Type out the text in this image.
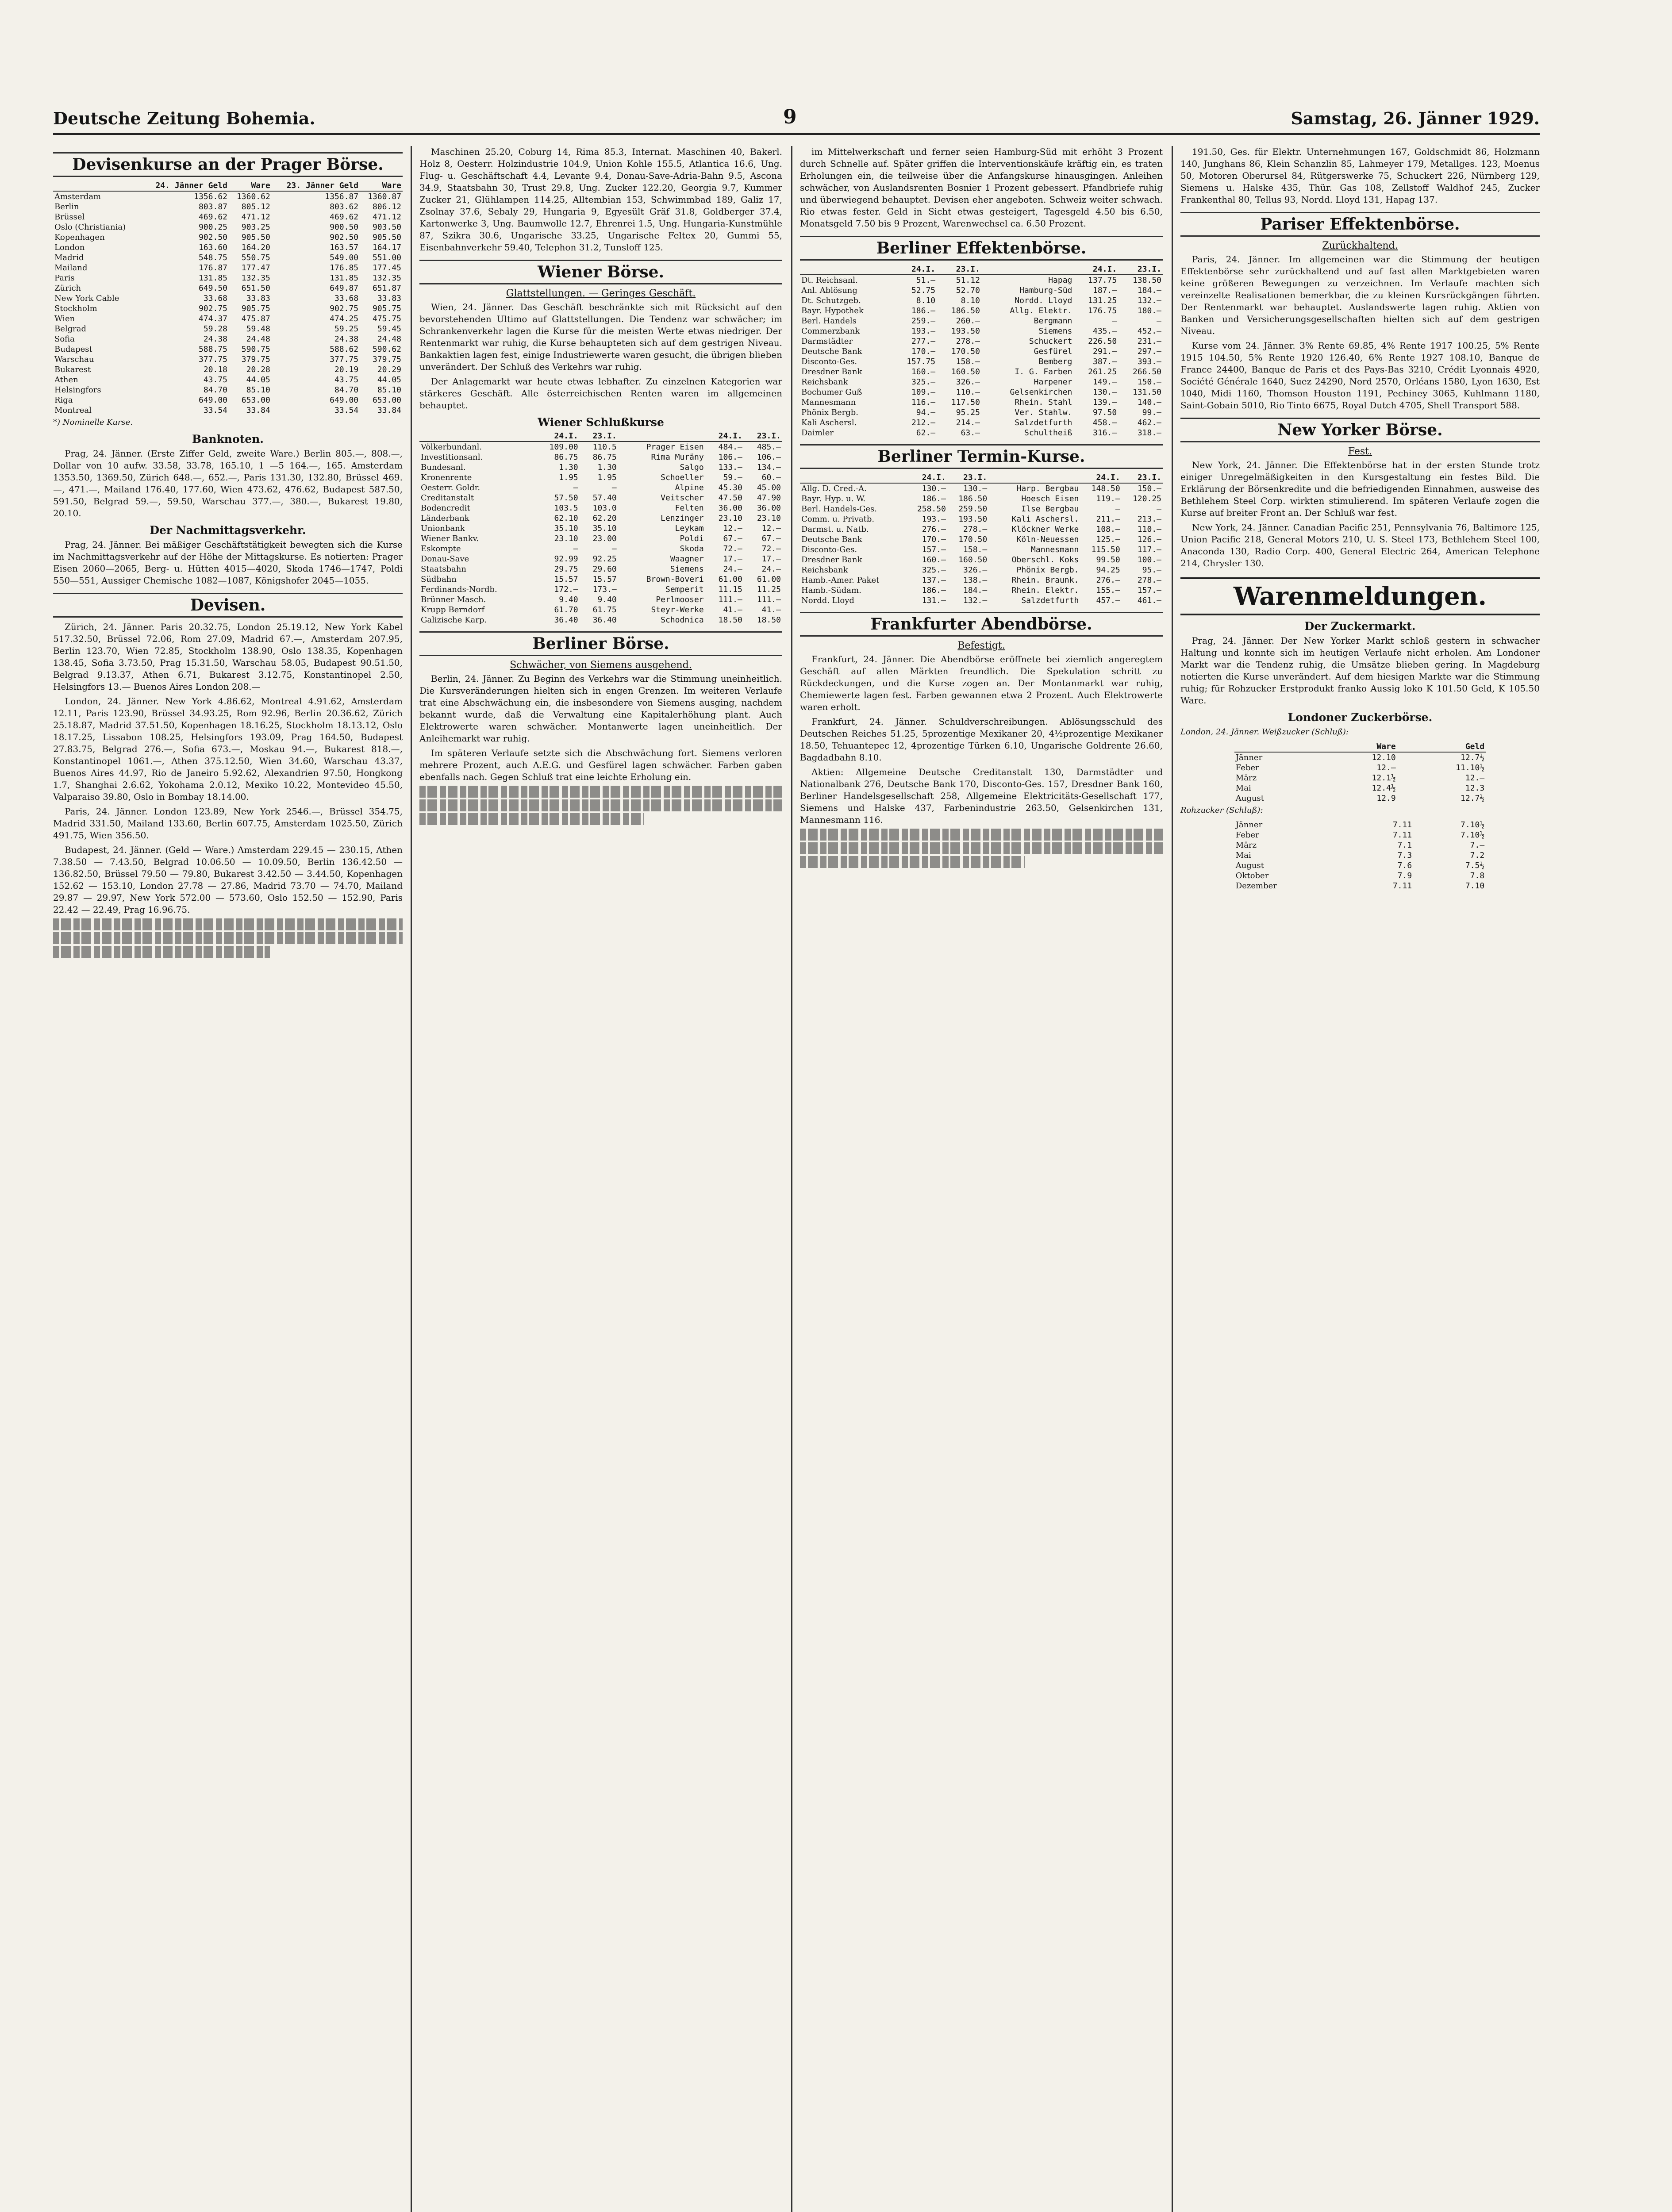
Deutsche Zeitung Bohemia.	9	Samstag, 26. Jänner 1929.
Devisenkurse an der Prager Börse.
	24. Jänner Geld	Ware	23. Jänner Geld	Ware
Amsterdam	1356.62	1360.62	1356.87	1360.87
Berlin	803.87	805.12	803.62	806.12
Brüssel	469.62	471.12	469.62	471.12
Oslo (Christiania)	900.25	903.25	900.50	903.50
Kopenhagen	902.50	905.50	902.50	905.50
London	163.60	164.20	163.57	164.17
Madrid	548.75	550.75	549.00	551.00
Mailand	176.87	177.47	176.85	177.45
Paris	131.85	132.35	131.85	132.35
Zürich	649.50	651.50	649.87	651.87
New York Cable	33.68	33.83	33.68	33.83
Stockholm	902.75	905.75	902.75	905.75
Wien	474.37	475.87	474.25	475.75
Belgrad	59.28	59.48	59.25	59.45
Sofia	24.38	24.48	24.38	24.48
Budapest	588.75	590.75	588.62	590.62
Warschau	377.75	379.75	377.75	379.75
Bukarest	20.18	20.28	20.19	20.29
Athen	43.75	44.05	43.75	44.05
Helsingfors	84.70	85.10	84.70	85.10
Riga	649.00	653.00	649.00	653.00
Montreal	33.54	33.84	33.54	33.84
*) Nominelle Kurse.
Banknoten.

Prag, 24. Jänner. (Erste Ziffer Geld, zweite Ware.) Berlin 805.—, 808.—, Dollar von 10 aufw. 33.58, 33.78, 165.10, 1 —5 164.—, 165. Amsterdam 1353.50, 1369.50, Zürich 648.—, 652.—, Paris 131.30, 132.80, Brüssel 469.—, 471.—, Mailand 176.40, 177.60, Wien 473.62, 476.62, Budapest 587.50, 591.50, Belgrad 59.—, 59.50, Warschau 377.—, 380.—, Bukarest 19.80, 20.10.

Der Nachmittagsverkehr.

Prag, 24. Jänner. Bei mäßiger Geschäftstätigkeit bewegten sich die Kurse im Nachmittagsverkehr auf der Höhe der Mittagskurse. Es notierten: Prager Eisen 2060—2065, Berg- u. Hütten 4015—4020, Skoda 1746—1747, Poldi 550—551, Aussiger Chemische 1082—1087, Königshofer 2045—1055.

Devisen.

Zürich, 24. Jänner. Paris 20.32.75, London 25.19.12, New York Kabel 517.32.50, Brüssel 72.06, Rom 27.09, Madrid 67.—, Amsterdam 207.95, Berlin 123.70, Wien 72.85, Stockholm 138.90, Oslo 138.35, Kopenhagen 138.45, Sofia 3.73.50, Prag 15.31.50, Warschau 58.05, Budapest 90.51.50, Belgrad 9.13.37, Athen 6.71, Bukarest 3.12.75, Konstantinopel 2.50, Helsingfors 13.— Buenos Aires London 208.—

London, 24. Jänner. New York 4.86.62, Montreal 4.91.62, Amsterdam 12.11, Paris 123.90, Brüssel 34.93.25, Rom 92.96, Berlin 20.36.62, Zürich 25.18.87, Madrid 37.51.50, Kopenhagen 18.16.25, Stockholm 18.13.12, Oslo 18.17.25, Lissabon 108.25, Helsingfors 193.09, Prag 164.50, Budapest 27.83.75, Belgrad 276.—, Sofia 673.—, Moskau 94.—, Bukarest 818.—, Konstantinopel 1061.—, Athen 375.12.50, Wien 34.60, Warschau 43.37, Buenos Aires 44.97, Rio de Janeiro 5.92.62, Alexandrien 97.50, Hongkong 1.7, Shanghai 2.6.62, Yokohama 2.0.12, Mexiko 10.22, Montevideo 45.50, Valparaiso 39.80, Oslo in Bombay 18.14.00.

Paris, 24. Jänner. London 123.89, New York 2546.—, Brüssel 354.75, Madrid 331.50, Mailand 133.60, Berlin 607.75, Amsterdam 1025.50, Zürich 491.75, Wien 356.50.

Budapest, 24. Jänner. (Geld — Ware.) Amsterdam 229.45 — 230.15, Athen 7.38.50 — 7.43.50, Belgrad 10.06.50 — 10.09.50, Berlin 136.42.50 — 136.82.50, Brüssel 79.50 — 79.80, Bukarest 3.42.50 — 3.44.50, Kopenhagen 152.62 — 153.10, London 27.78 — 27.86, Madrid 73.70 — 74.70, Mailand 29.87 — 29.97, New York 572.00 — 573.60, Oslo 152.50 — 152.90, Paris 22.42 — 22.49, Prag 16.96.75.

Maschinen 25.20, Coburg 14, Rima 85.3, Internat. Maschinen 40, Bakerl. Holz 8, Oesterr. Holzindustrie 104.9, Union Kohle 155.5, Atlantica 16.6, Ung. Flug- u. Geschäftschaft 4.4, Levante 9.4, Donau-Save-Adria-Bahn 9.5, Ascona 34.9, Staatsbahn 30, Trust 29.8, Ung. Zucker 122.20, Georgia 9.7, Kummer Zucker 21, Glühlampen 114.25, Alltembian 153, Schwimmbad 189, Galiz 17, Zsolnay 37.6, Sebaly 29, Hungaria 9, Egyesült Gräf 31.8, Goldberger 37.4, Kartonwerke 3, Ung. Baumwolle 12.7, Ehrenrei 1.5, Ung. Hungaria-Kunstmühle 87, Szikra 30.6, Ungarische 33.25, Ungarische Feltex 20, Gummi 55, Eisenbahnverkehr 59.40, Telephon 31.2, Tunsloff 125.

Wiener Börse.
Glattstellungen. — Geringes Geschäft.

Wien, 24. Jänner. Das Geschäft beschränkte sich mit Rücksicht auf den bevorstehenden Ultimo auf Glattstellungen. Die Tendenz war schwächer; im Schrankenverkehr lagen die Kurse für die meisten Werte etwas niedriger. Der Rentenmarkt war ruhig, die Kurse behaupteten sich auf dem gestrigen Niveau. Bankaktien lagen fest, einige Industriewerte waren gesucht, die übrigen blieben unverändert. Der Schluß des Verkehrs war ruhig.

Der Anlagemarkt war heute etwas lebhafter. Zu einzelnen Kategorien war stärkeres Geschäft. Alle österreichischen Renten waren im allgemeinen behauptet.

Wiener Schlußkurse
	24.I.	23.I.		24.I.	23.I.
Völkerbundanl.	109.00	110.5	Prager Eisen	484.—	485.—
Investitionsanl.	86.75	86.75	Rima Muräny	106.—	106.—
Bundesanl.	1.30	1.30	Salgo	133.—	134.—
Kronenrente	1.95	1.95	Schoeller	59.—	60.—
Oesterr. Goldr.	—	—	Alpine	45.30	45.00
Creditanstalt	57.50	57.40	Veitscher	47.50	47.90
Bodencredit	103.5	103.0	Felten	36.00	36.00
Länderbank	62.10	62.20	Lenzinger	23.10	23.10
Unionbank	35.10	35.10	Leykam	12.—	12.—
Wiener Bankv.	23.10	23.00	Poldi	67.—	67.—
Eskompte	—	—	Skoda	72.—	72.—
Donau-Save	92.99	92.25	Waagner	17.—	17.—
Staatsbahn	29.75	29.60	Siemens	24.—	24.—
Südbahn	15.57	15.57	Brown-Boveri	61.00	61.00
Ferdinands-Nordb.	172.—	173.—	Semperit	11.15	11.25
Brünner Masch.	9.40	9.40	Perlmooser	111.—	111.—
Krupp Berndorf	61.70	61.75	Steyr-Werke	41.—	41.—
Galizische Karp.	36.40	36.40	Schodnica	18.50	18.50
Berliner Börse.
Schwächer, von Siemens ausgehend.

Berlin, 24. Jänner. Zu Beginn des Verkehrs war die Stimmung uneinheitlich. Die Kursveränderungen hielten sich in engen Grenzen. Im weiteren Verlaufe trat eine Abschwächung ein, die insbesondere von Siemens ausging, nachdem bekannt wurde, daß die Verwaltung eine Kapitalerhöhung plant. Auch Elektrowerte waren schwächer. Montanwerte lagen uneinheitlich. Der Anleihemarkt war ruhig.

Im späteren Verlaufe setzte sich die Abschwächung fort. Siemens verloren mehrere Prozent, auch A.E.G. und Gesfürel lagen schwächer. Farben gaben ebenfalls nach. Gegen Schluß trat eine leichte Erholung ein.

im Mittelwerkschaft und ferner seien Hamburg-Süd mit erhöht 3 Prozent durch Schnelle auf. Später griffen die Interventionskäufe kräftig ein, es traten Erholungen ein, die teilweise über die Anfangskurse hinausgingen. Anleihen schwächer, von Auslandsrenten Bosnier 1 Prozent gebessert. Pfandbriefe ruhig und überwiegend behauptet. Devisen eher angeboten. Schweiz weiter schwach. Rio etwas fester. Geld in Sicht etwas gesteigert, Tagesgeld 4.50 bis 6.50, Monatsgeld 7.50 bis 9 Prozent, Warenwechsel ca. 6.50 Prozent.

Berliner Effektenbörse.
	24.I.	23.I.		24.I.	23.I.
Dt. Reichsanl.	51.—	51.12	Hapag	137.75	138.50
Anl. Ablösung	52.75	52.70	Hamburg-Süd	187.—	184.—
Dt. Schutzgeb.	8.10	8.10	Nordd. Lloyd	131.25	132.—
Bayr. Hypothek	186.—	186.50	Allg. Elektr.	176.75	180.—
Berl. Handels	259.—	260.—	Bergmann	—	—
Commerzbank	193.—	193.50	Siemens	435.—	452.—
Darmstädter	277.—	278.—	Schuckert	226.50	231.—
Deutsche Bank	170.—	170.50	Gesfürel	291.—	297.—
Disconto-Ges.	157.75	158.—	Bemberg	387.—	393.—
Dresdner Bank	160.—	160.50	I. G. Farben	261.25	266.50
Reichsbank	325.—	326.—	Harpener	149.—	150.—
Bochumer Guß	109.—	110.—	Gelsenkirchen	130.—	131.50
Mannesmann	116.—	117.50	Rhein. Stahl	139.—	140.—
Phönix Bergb.	94.—	95.25	Ver. Stahlw.	97.50	99.—
Kali Aschersl.	212.—	214.—	Salzdetfurth	458.—	462.—
Daimler	62.—	63.—	Schultheiß	316.—	318.—
Berliner Termin-Kurse.
	24.I.	23.I.		24.I.	23.I.
Allg. D. Cred.-A.	130.—	130.—	Harp. Bergbau	148.50	150.—
Bayr. Hyp. u. W.	186.—	186.50	Hoesch Eisen	119.—	120.25
Berl. Handels-Ges.	258.50	259.50	Ilse Bergbau	—	—
Comm. u. Privatb.	193.—	193.50	Kali Aschersl.	211.—	213.—
Darmst. u. Natb.	276.—	278.—	Klöckner Werke	108.—	110.—
Deutsche Bank	170.—	170.50	Köln-Neuessen	125.—	126.—
Disconto-Ges.	157.—	158.—	Mannesmann	115.50	117.—
Dresdner Bank	160.—	160.50	Oberschl. Koks	99.50	100.—
Reichsbank	325.—	326.—	Phönix Bergb.	94.25	95.—
Hamb.-Amer. Paket	137.—	138.—	Rhein. Braunk.	276.—	278.—
Hamb.-Südam.	186.—	184.—	Rhein. Elektr.	155.—	157.—
Nordd. Lloyd	131.—	132.—	Salzdetfurth	457.—	461.—
Frankfurter Abendbörse.
Befestigt.

Frankfurt, 24. Jänner. Die Abendbörse eröffnete bei ziemlich angeregtem Geschäft auf allen Märkten freundlich. Die Spekulation schritt zu Rückdeckungen, und die Kurse zogen an. Der Montanmarkt war ruhig, Chemiewerte lagen fest. Farben gewannen etwa 2 Prozent. Auch Elektrowerte waren erholt.

Frankfurt, 24. Jänner. Schuldverschreibungen. Ablösungsschuld des Deutschen Reiches 51.25, 5prozentige Mexikaner 20, 4½prozentige Mexikaner 18.50, Tehuantepec 12, 4prozentige Türken 6.10, Ungarische Goldrente 26.60, Bagdadbahn 8.10.

Aktien: Allgemeine Deutsche Creditanstalt 130, Darmstädter und Nationalbank 276, Deutsche Bank 170, Disconto-Ges. 157, Dresdner Bank 160, Berliner Handelsgesellschaft 258, Allgemeine Elektricitäts-Gesellschaft 177, Siemens und Halske 437, Farbenindustrie 263.50, Gelsenkirchen 131, Mannesmann 116.

191.50, Ges. für Elektr. Unternehmungen 167, Goldschmidt 86, Holzmann 140, Junghans 86, Klein Schanzlin 85, Lahmeyer 179, Metallges. 123, Moenus 50, Motoren Oberursel 84, Rütgerswerke 75, Schuckert 226, Nürnberg 129, Siemens u. Halske 435, Thür. Gas 108, Zellstoff Waldhof 245, Zucker Frankenthal 80, Tellus 93, Nordd. Lloyd 131, Hapag 137.

Pariser Effektenbörse.
Zurückhaltend.

Paris, 24. Jänner. Im allgemeinen war die Stimmung der heutigen Effektenbörse sehr zurückhaltend und auf fast allen Marktgebieten waren keine größeren Bewegungen zu verzeichnen. Im Verlaufe machten sich vereinzelte Realisationen bemerkbar, die zu kleinen Kursrückgängen führten. Der Rentenmarkt war behauptet. Auslandswerte lagen ruhig. Aktien von Banken und Versicherungsgesellschaften hielten sich auf dem gestrigen Niveau.

Kurse vom 24. Jänner. 3% Rente 69.85, 4% Rente 1917 100.25, 5% Rente 1915 104.50, 5% Rente 1920 126.40, 6% Rente 1927 108.10, Banque de France 24400, Banque de Paris et des Pays-Bas 3210, Crédit Lyonnais 4920, Société Générale 1640, Suez 24290, Nord 2570, Orléans 1580, Lyon 1630, Est 1040, Midi 1160, Thomson Houston 1191, Pechiney 3065, Kuhlmann 1180, Saint-Gobain 5010, Rio Tinto 6675, Royal Dutch 4705, Shell Transport 588.

New Yorker Börse.
Fest.

New York, 24. Jänner. Die Effektenbörse hat in der ersten Stunde trotz einiger Unregelmäßigkeiten in den Kursgestaltung ein festes Bild. Die Erklärung der Börsenkredite und die befriedigenden Einnahmen, ausweise des Bethlehem Steel Corp. wirkten stimulierend. Im späteren Verlaufe zogen die Kurse auf breiter Front an. Der Schluß war fest.

New York, 24. Jänner. Canadian Pacific 251, Pennsylvania 76, Baltimore 125, Union Pacific 218, General Motors 210, U. S. Steel 173, Bethlehem Steel 100, Anaconda 130, Radio Corp. 400, General Electric 264, American Telephone 214, Chrysler 130.

Warenmeldungen.
Der Zuckermarkt.

Prag, 24. Jänner. Der New Yorker Markt schloß gestern in schwacher Haltung und konnte sich im heutigen Verlaufe nicht erholen. Am Londoner Markt war die Tendenz ruhig, die Umsätze blieben gering. In Magdeburg notierten die Kurse unverändert. Auf dem hiesigen Markte war die Stimmung ruhig; für Rohzucker Erstprodukt franko Aussig loko K 101.50 Geld, K 105.50 Ware.

Londoner Zuckerbörse.
London, 24. Jänner. Weißzucker (Schluß):
	Ware	Geld
Jänner	12.10	12.7½
Feber	12.—	11.10½
März	12.1½	12.—
Mai	12.4½	12.3
August	12.9	12.7½
Rohzucker (Schluß):
Jänner	7.11	7.10½
Feber	7.11	7.10½
März	7.1	7.—
Mai	7.3	7.2
August	7.6	7.5½
Oktober	7.9	7.8
Dezember	7.11	7.10
